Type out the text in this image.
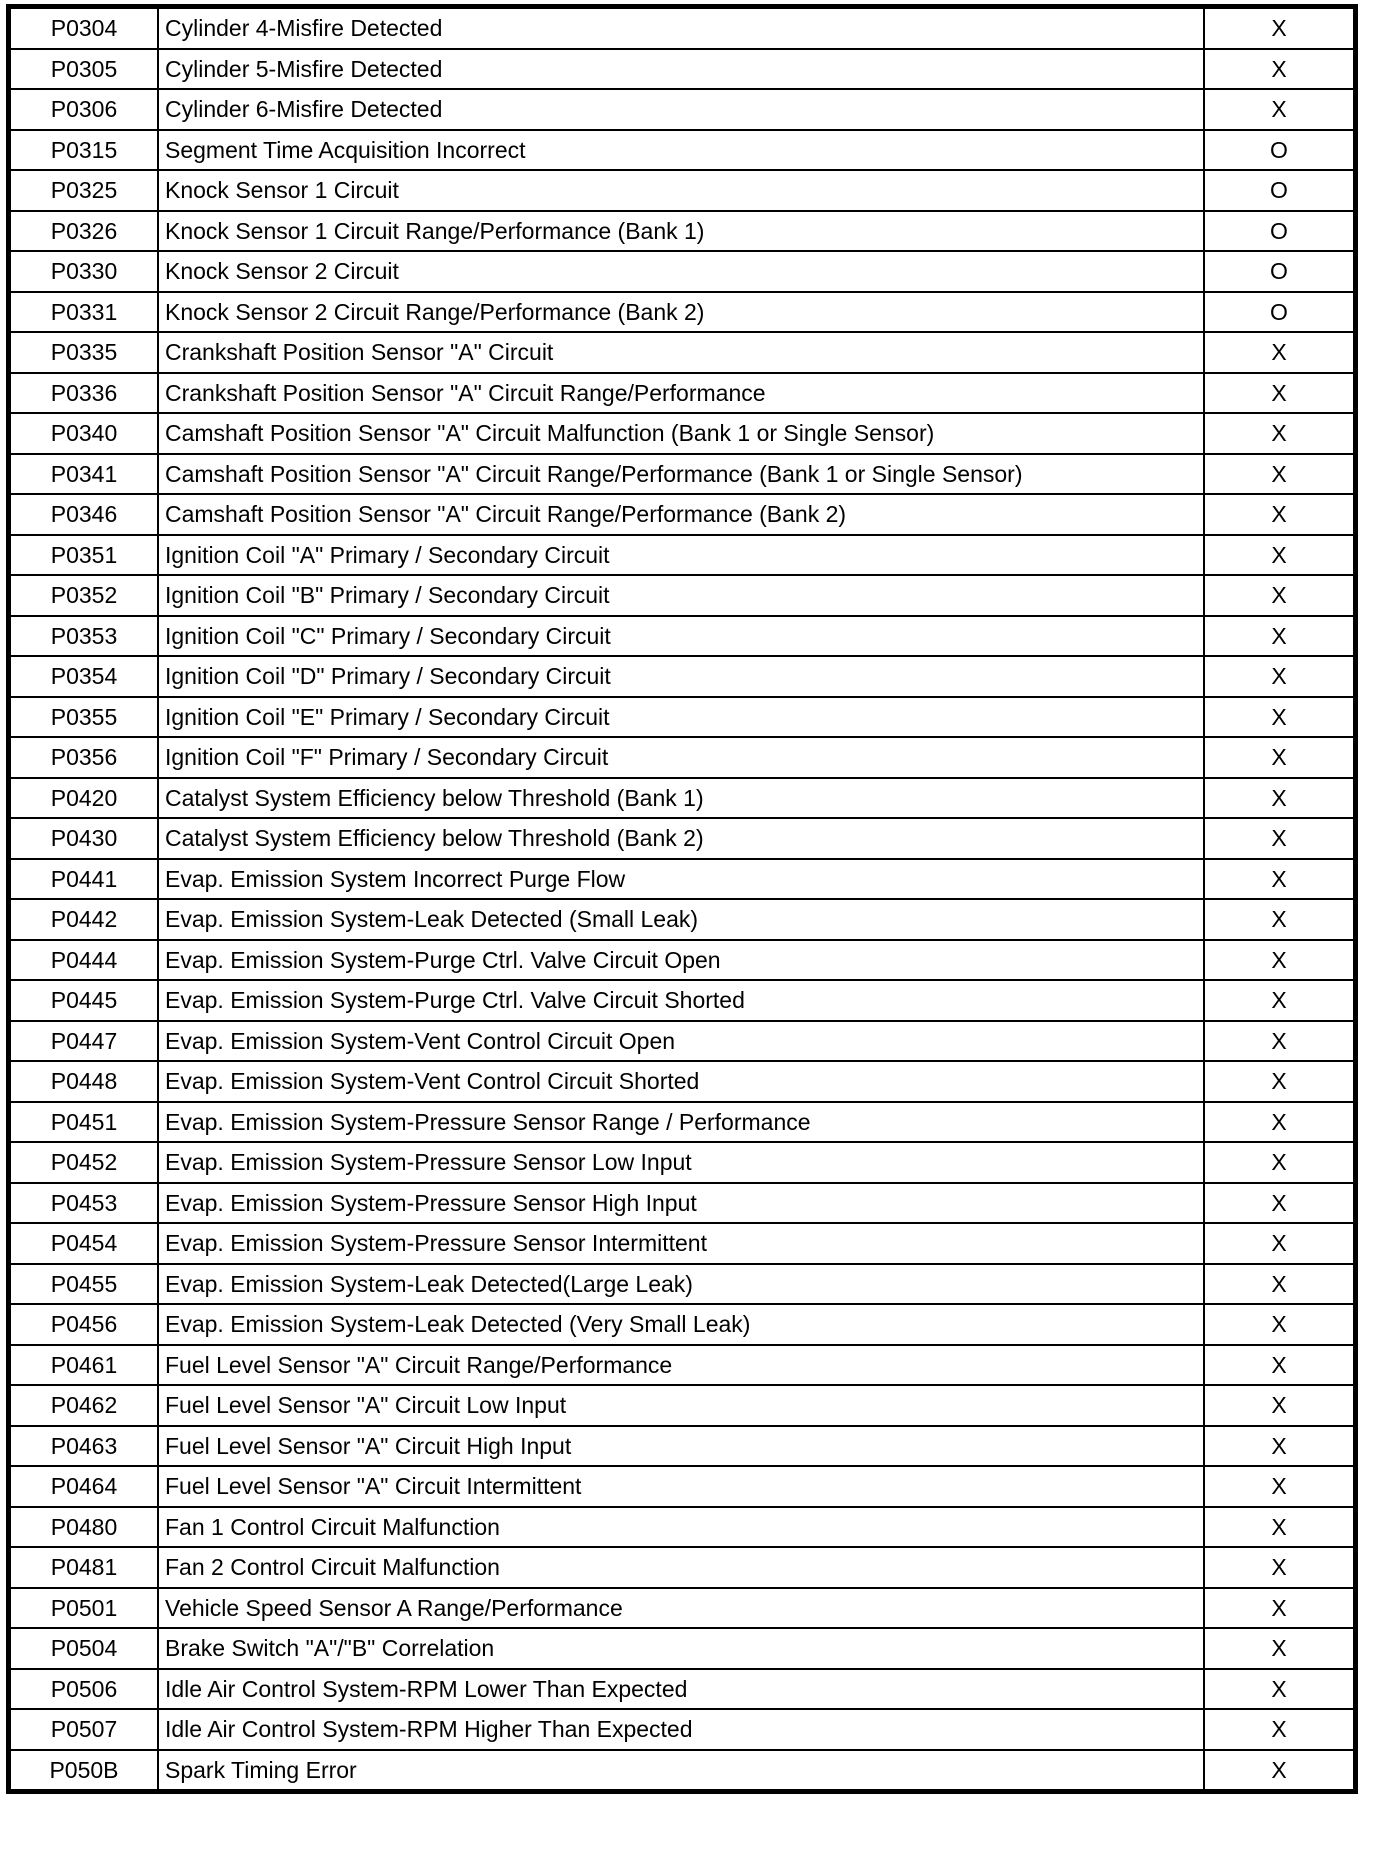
P0304	Cylinder 4-Misfire Detected	X
P0305	Cylinder 5-Misfire Detected	X
P0306	Cylinder 6-Misfire Detected	X
P0315	Segment Time Acquisition Incorrect	O
P0325	Knock Sensor 1 Circuit	O
P0326	Knock Sensor 1 Circuit Range/Performance (Bank 1)	O
P0330	Knock Sensor 2 Circuit	O
P0331	Knock Sensor 2 Circuit Range/Performance (Bank 2)	O
P0335	Crankshaft Position Sensor "A" Circuit	X
P0336	Crankshaft Position Sensor "A" Circuit Range/Performance	X
P0340	Camshaft Position Sensor "A" Circuit Malfunction (Bank 1 or Single Sensor)	X
P0341	Camshaft Position Sensor "A" Circuit Range/Performance (Bank 1 or Single Sensor)	X
P0346	Camshaft Position Sensor "A" Circuit Range/Performance (Bank 2)	X
P0351	Ignition Coil "A" Primary / Secondary Circuit	X
P0352	Ignition Coil "B" Primary / Secondary Circuit	X
P0353	Ignition Coil "C" Primary / Secondary Circuit	X
P0354	Ignition Coil "D" Primary / Secondary Circuit	X
P0355	Ignition Coil "E" Primary / Secondary Circuit	X
P0356	Ignition Coil "F" Primary / Secondary Circuit	X
P0420	Catalyst System Efficiency below Threshold (Bank 1)	X
P0430	Catalyst System Efficiency below Threshold (Bank 2)	X
P0441	Evap. Emission System Incorrect Purge Flow	X
P0442	Evap. Emission System-Leak Detected (Small Leak)	X
P0444	Evap. Emission System-Purge Ctrl. Valve Circuit Open	X
P0445	Evap. Emission System-Purge Ctrl. Valve Circuit Shorted	X
P0447	Evap. Emission System-Vent Control Circuit Open	X
P0448	Evap. Emission System-Vent Control Circuit Shorted	X
P0451	Evap. Emission System-Pressure Sensor Range / Performance	X
P0452	Evap. Emission System-Pressure Sensor Low Input	X
P0453	Evap. Emission System-Pressure Sensor High Input	X
P0454	Evap. Emission System-Pressure Sensor Intermittent	X
P0455	Evap. Emission System-Leak Detected(Large Leak)	X
P0456	Evap. Emission System-Leak Detected (Very Small Leak)	X
P0461	Fuel Level Sensor "A" Circuit Range/Performance	X
P0462	Fuel Level Sensor "A" Circuit Low Input	X
P0463	Fuel Level Sensor "A" Circuit High Input	X
P0464	Fuel Level Sensor "A" Circuit Intermittent	X
P0480	Fan 1 Control Circuit Malfunction	X
P0481	Fan 2 Control Circuit Malfunction	X
P0501	Vehicle Speed Sensor A Range/Performance	X
P0504	Brake Switch "A"/"B" Correlation	X
P0506	Idle Air Control System-RPM Lower Than Expected	X
P0507	Idle Air Control System-RPM Higher Than Expected	X
P050B	Spark Timing Error	X
